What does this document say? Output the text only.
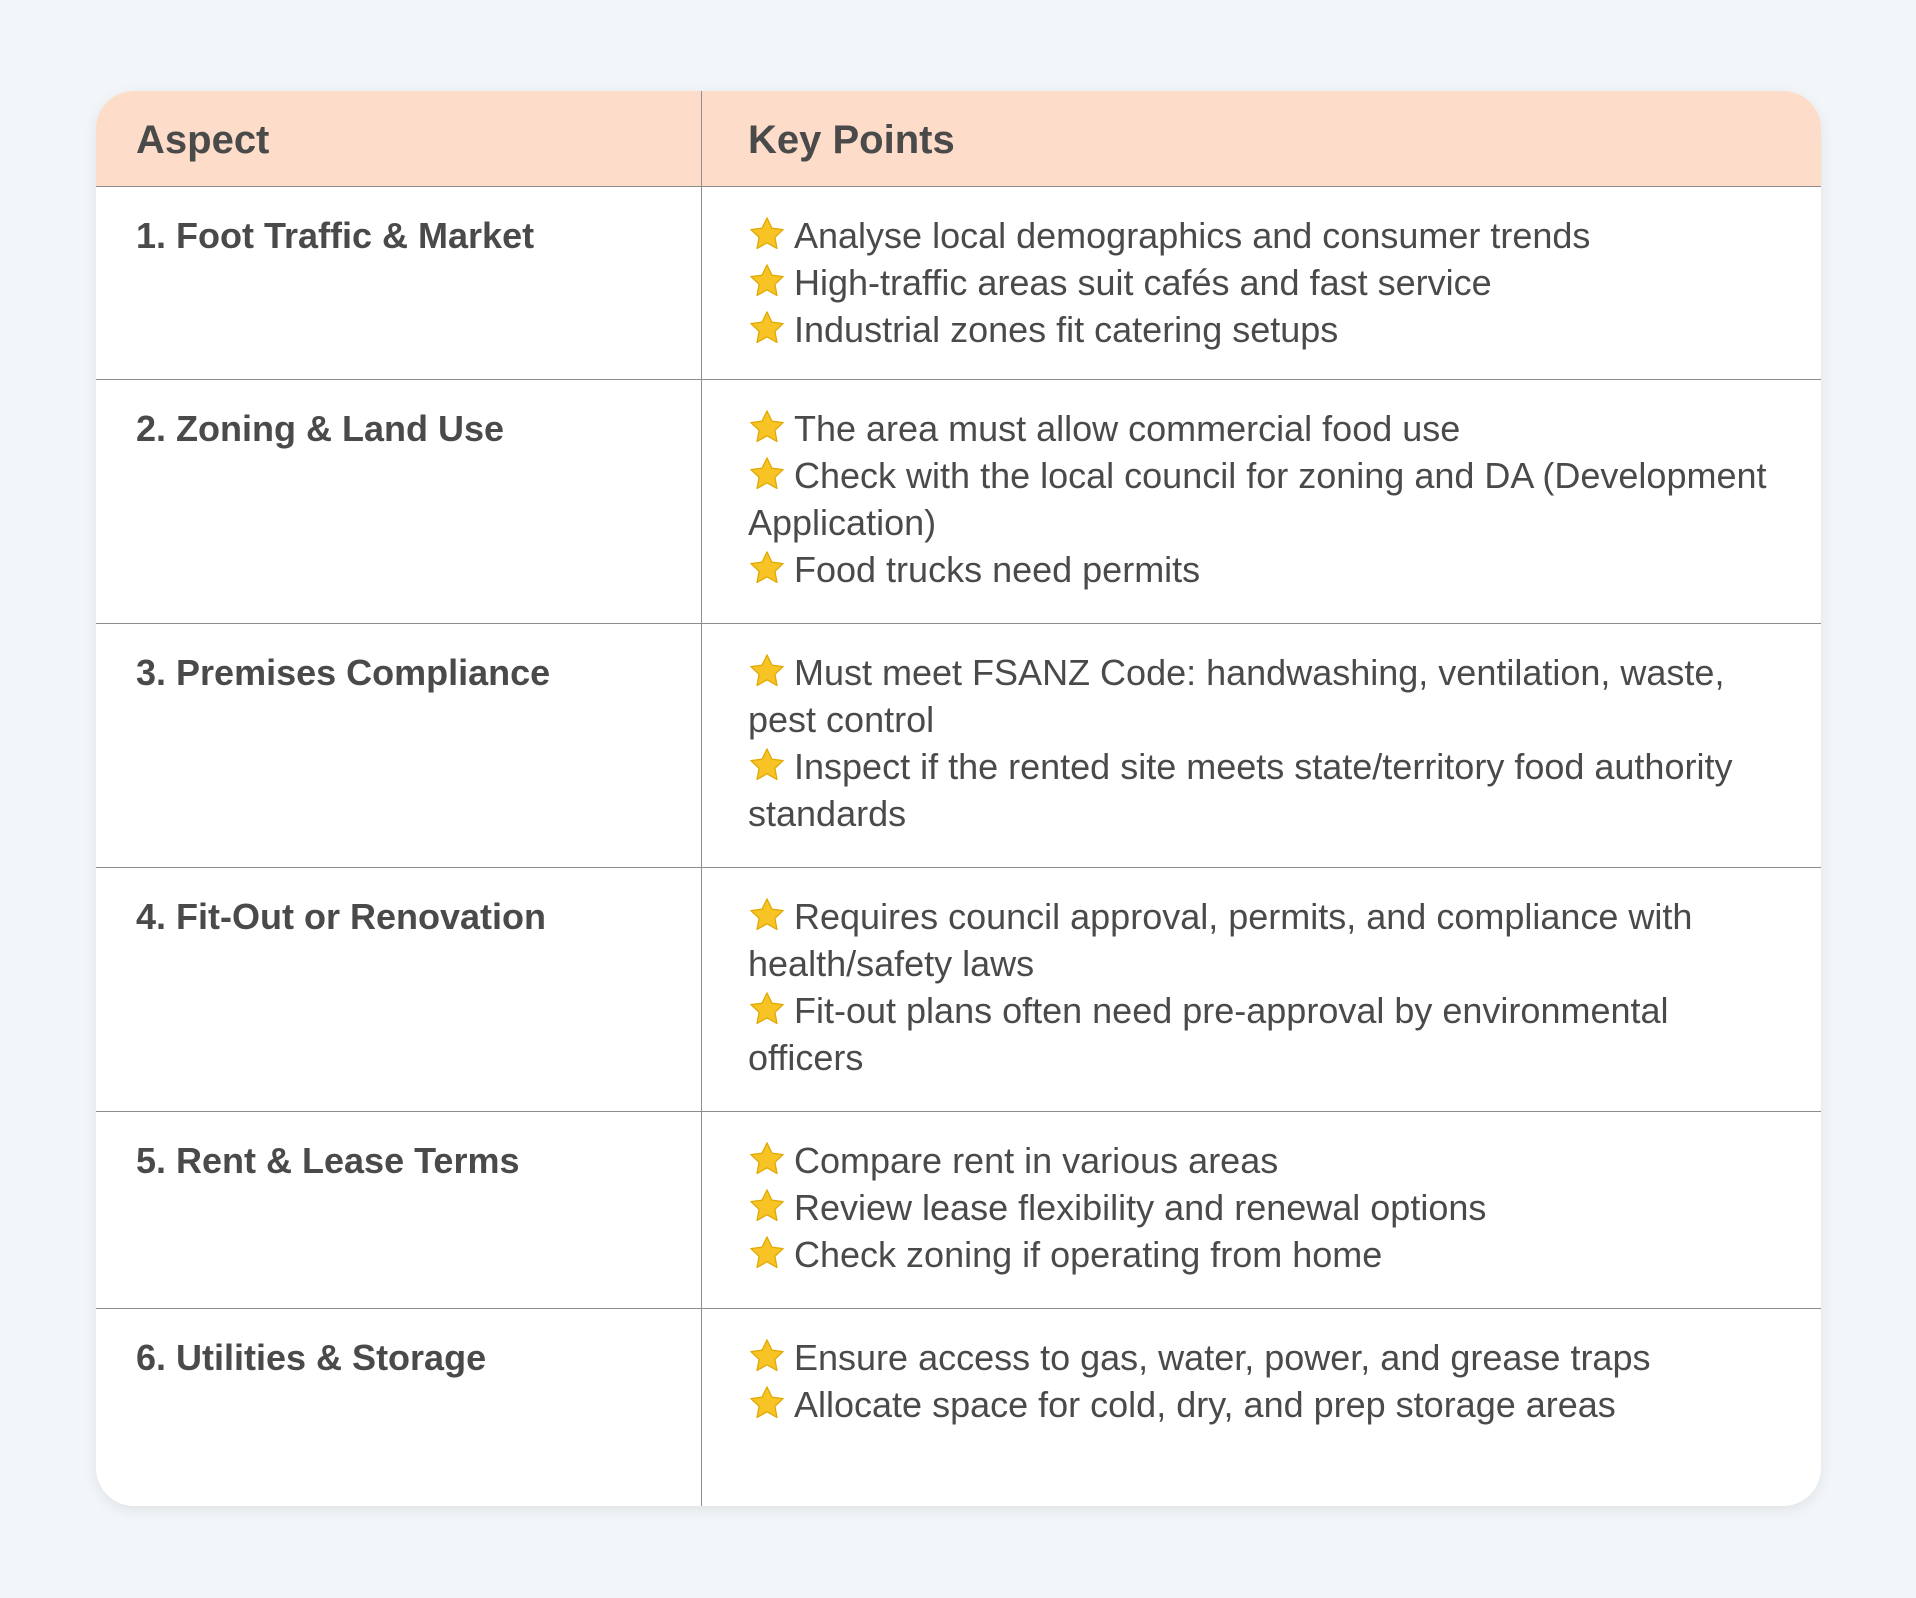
Aspect	Key Points
1. Foot Traffic & Market	Analyse local demographics and consumer trends
High-traffic areas suit cafés and fast service
Industrial zones fit catering setups
2. Zoning & Land Use	The area must allow commercial food use
Check with the local council for zoning and DA (Development Application)
Food trucks need permits
3. Premises Compliance	Must meet FSANZ Code: handwashing, ventilation, waste, pest control
Inspect if the rented site meets state/territory food authority standards
4. Fit-Out or Renovation	Requires council approval, permits, and compliance with health/safety laws
Fit-out plans often need pre-approval by environmental officers
5. Rent & Lease Terms	Compare rent in various areas
Review lease flexibility and renewal options
Check zoning if operating from home
6. Utilities & Storage	Ensure access to gas, water, power, and grease traps
Allocate space for cold, dry, and prep storage areas
